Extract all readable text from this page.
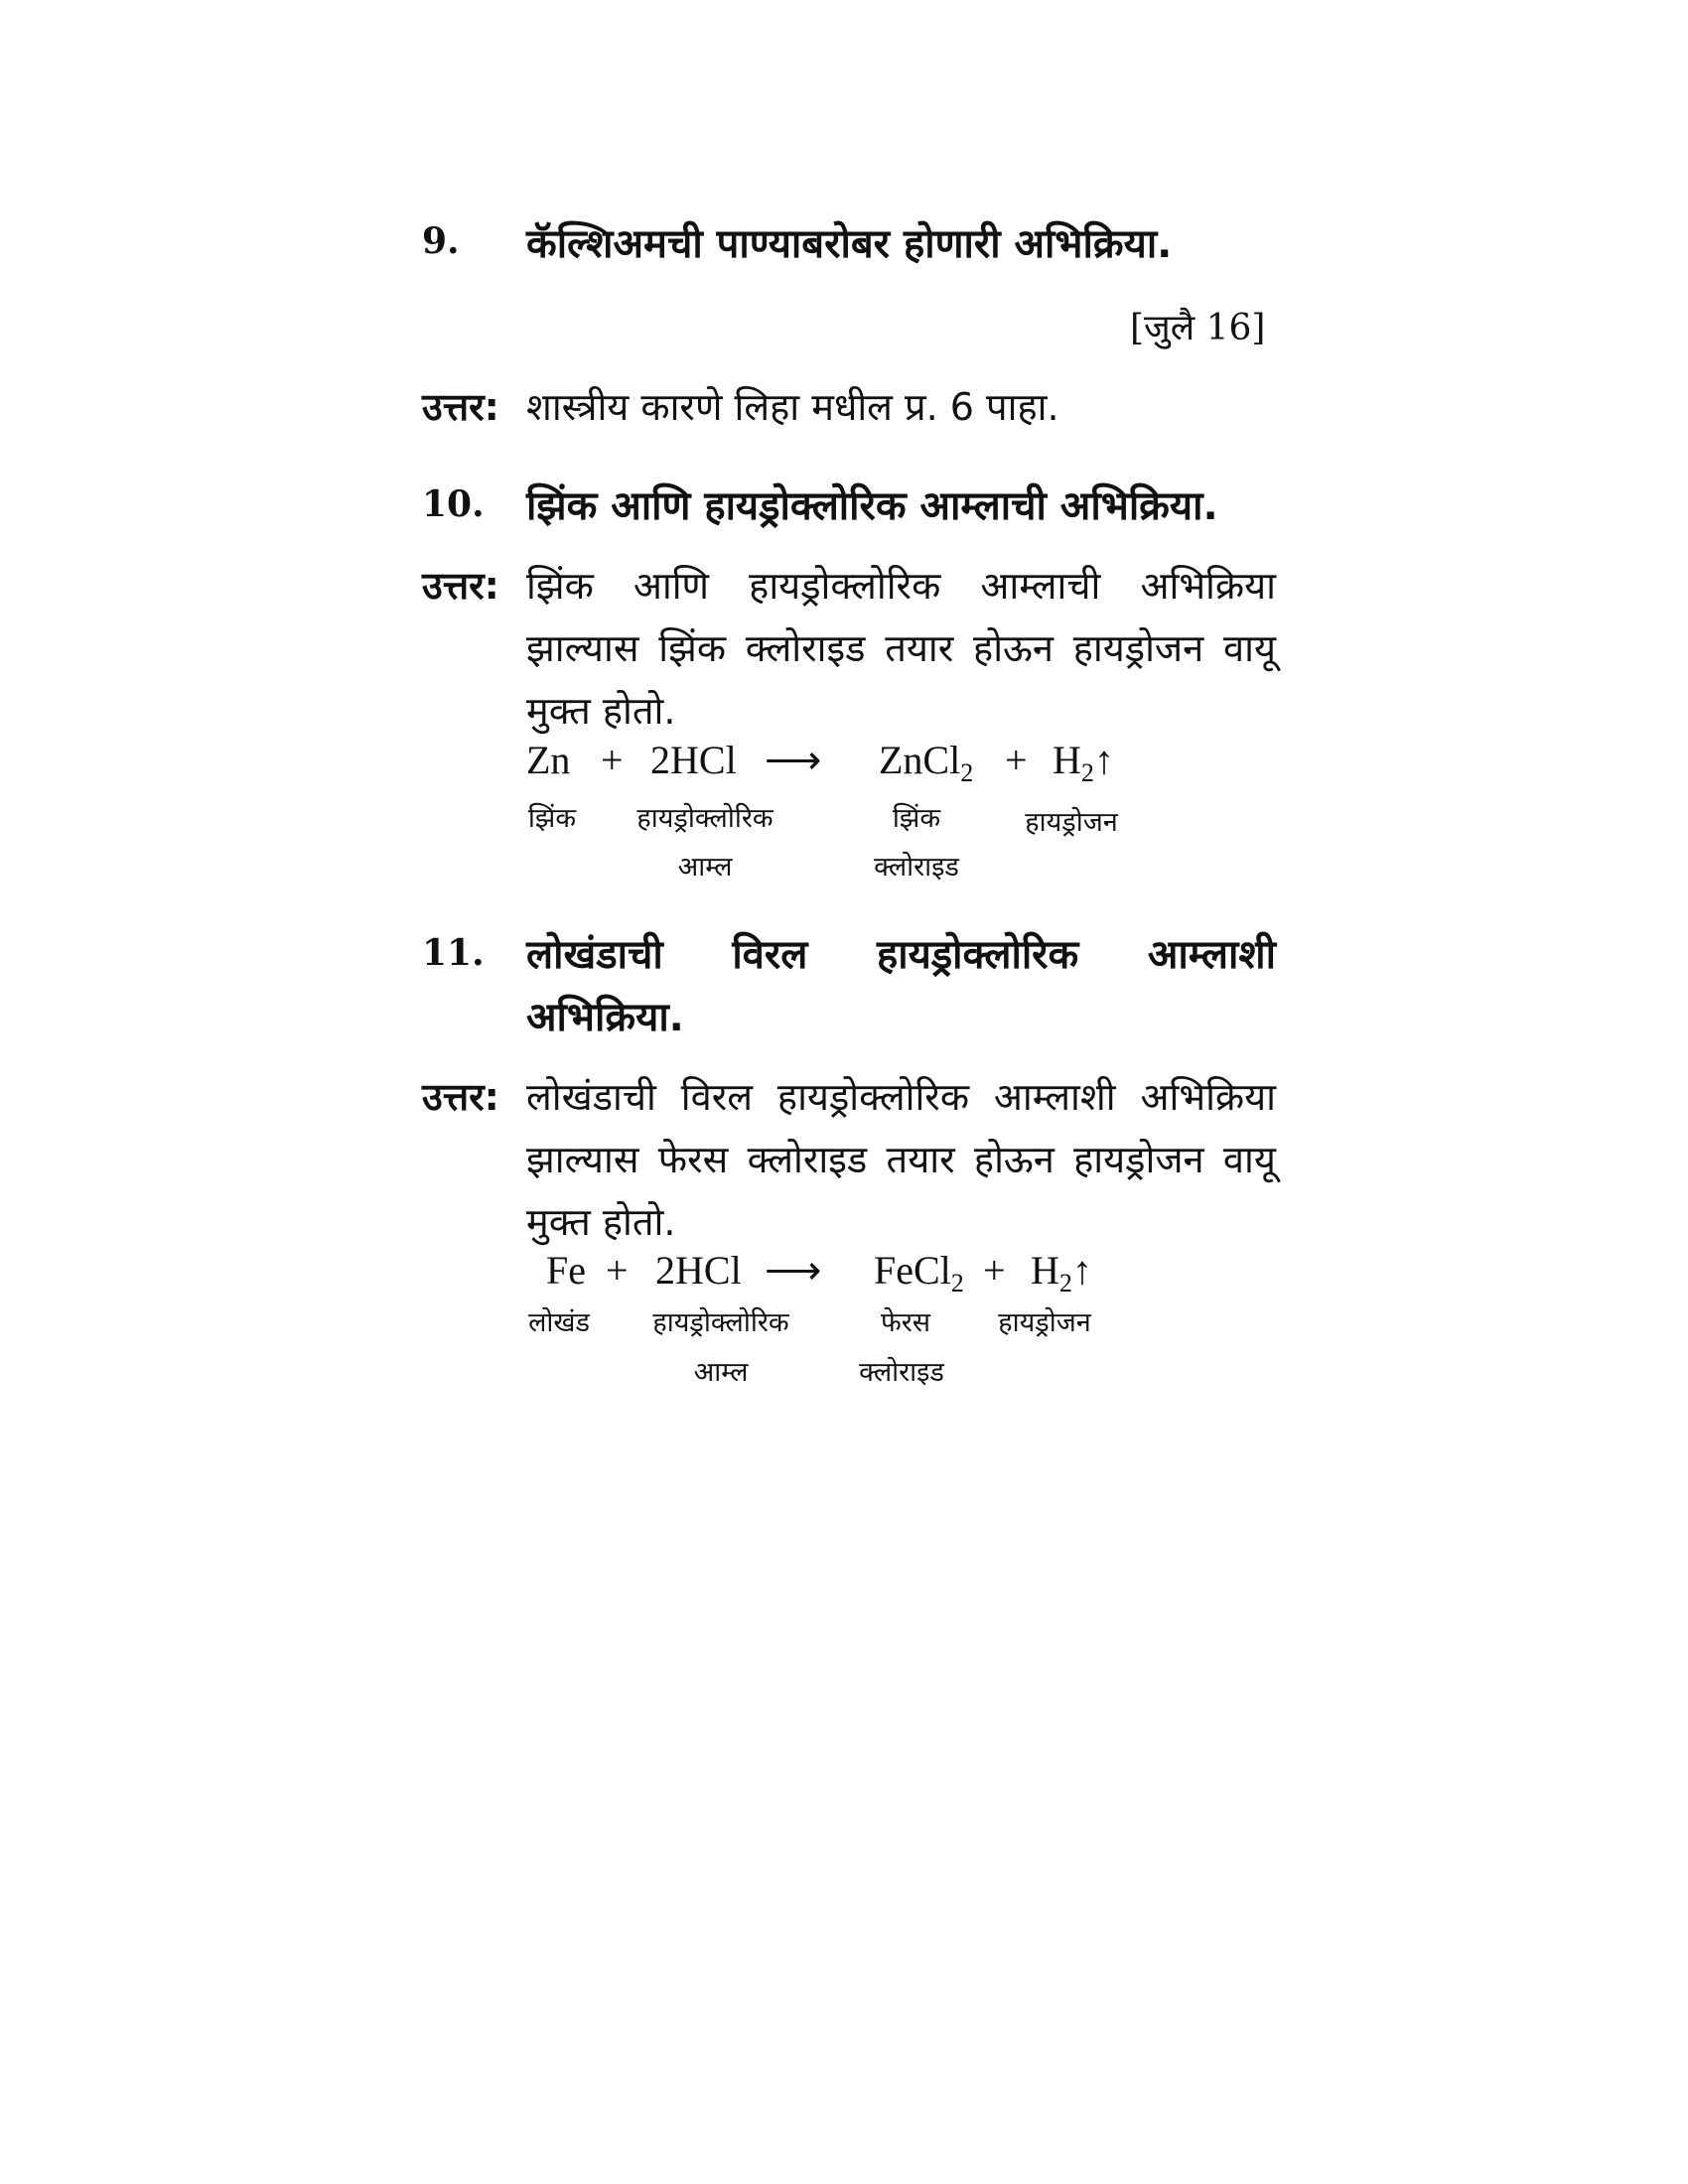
9. कॅल्शिअमची पाण्याबरोबर होणारी अभिक्रिया.
[जुलै 16]
उत्तर: शास्त्रीय कारणे लिहा मधील प्र. 6 पाहा.
10. झिंक आणि हायड्रोक्लोरिक आम्लाची अभिक्रिया.
उत्तर: झिंक आणि हायड्रोक्लोरिक आम्लाची अभिक्रिया
झाल्यास झिंक क्लोराइड तयार होऊन हायड्रोजन वायू
मुक्त होतो.
Zn + 2HCl ⟶ ZnCl$_2$ + $H_2↑$
झिंक हायड्रोक्लोरिक
आम्ल
झिंक
क्लोराइड
हायड्रोजन
11. लोखंडाची विरल हायड्रोक्लोरिक आम्लाशी
अभिक्रिया.
उत्तर: लोखंडाची विरल हायड्रोक्लोरिक आम्लाशी अभिक्रिया
झाल्यास फेरस क्लोराइड तयार होऊन हायड्रोजन वायू
मुक्त होतो.
Fe + 2HCl ⟶ FeCl$_2$ + $H_2↑$
लोखंड हायड्रोक्लोरिक
आम्ल
फेरस
क्लोराइड
हायड्रोजन
